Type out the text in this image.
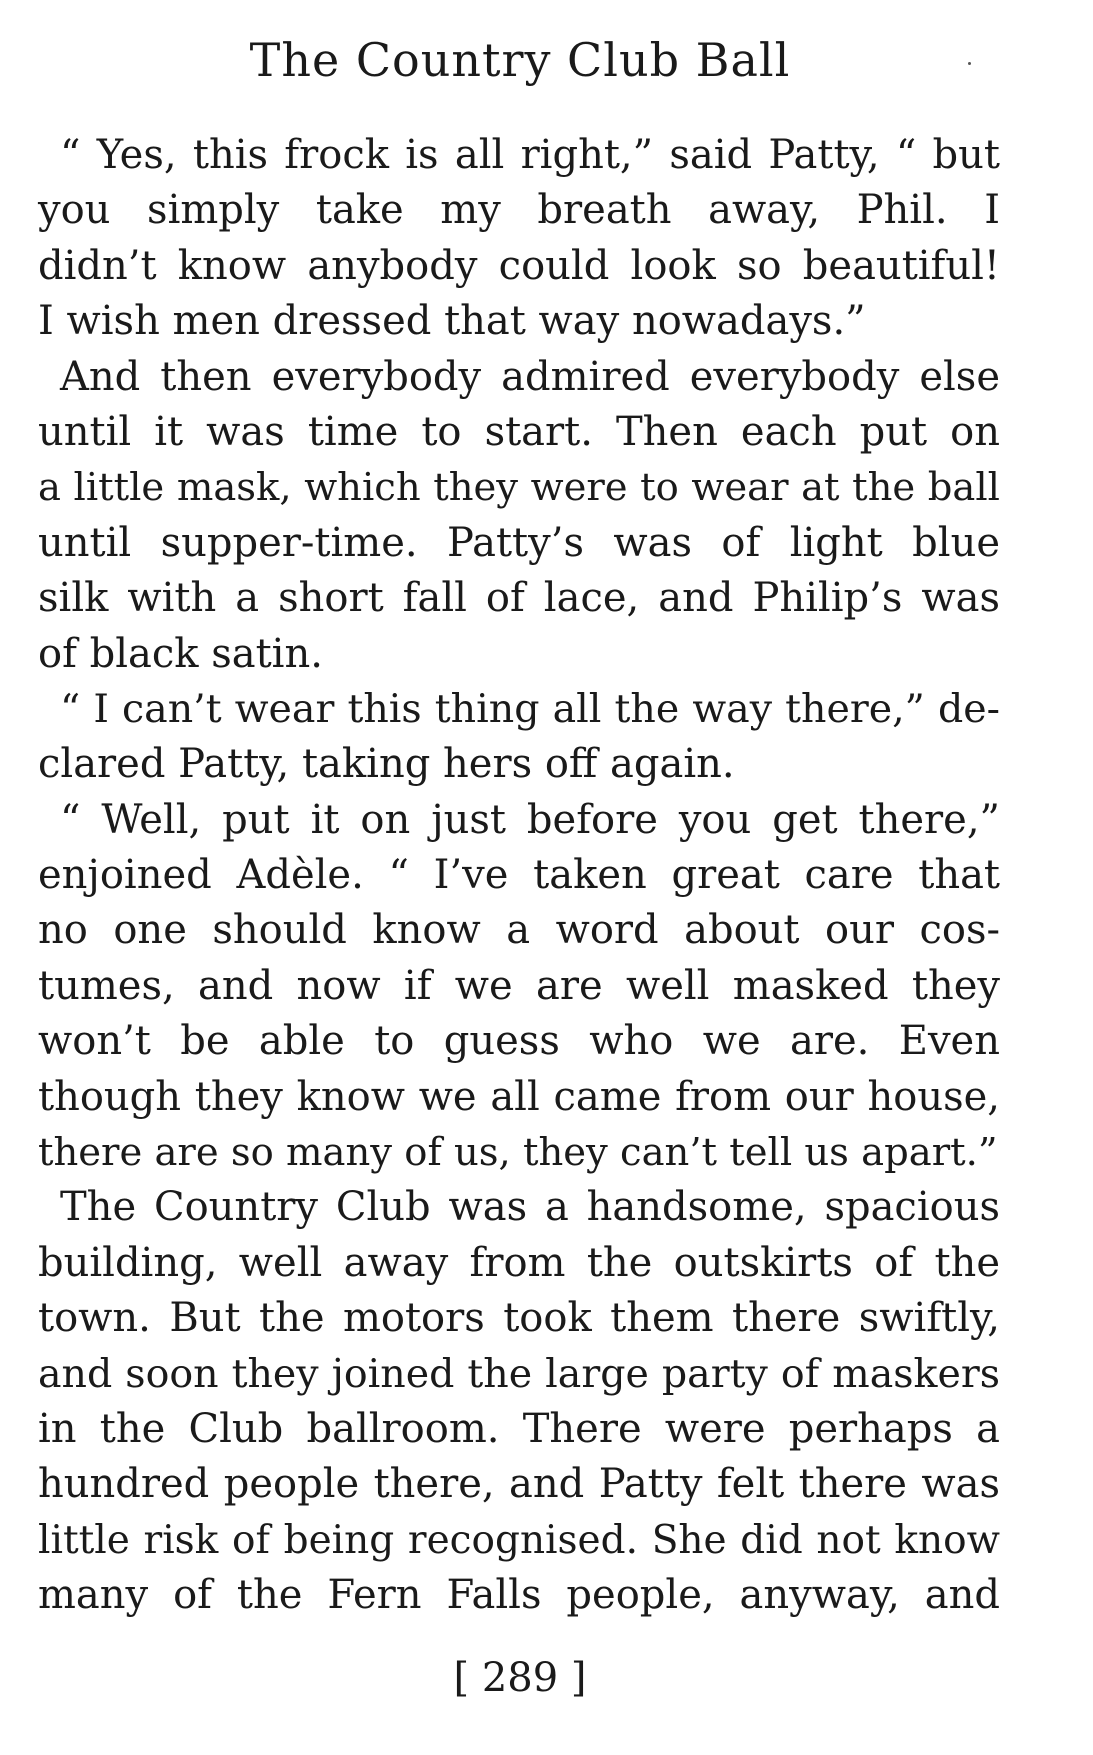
The Country Club Ball
“ Yes, this frock is all right,” said Patty, “ but
you simply take my breath away, Phil. I
didn’t know anybody could look so beautiful!
I wish men dressed that way nowadays.”
And then everybody admired everybody else
until it was time to start. Then each put on
a little mask, which they were to wear at the ball
until supper-time. Patty’s was of light blue
silk with a short fall of lace, and Philip’s was
of black satin.
“ I can’t wear this thing all the way there,” de-
clared Patty, taking hers off again.
“ Well, put it on just before you get there,”
enjoined Adèle. “ I’ve taken great care that
no one should know a word about our cos-
tumes, and now if we are well masked they
won’t be able to guess who we are. Even
though they know we all came from our house,
there are so many of us, they can’t tell us apart.”
The Country Club was a handsome, spacious
building, well away from the outskirts of the
town. But the motors took them there swiftly,
and soon they joined the large party of maskers
in the Club ballroom. There were perhaps a
hundred people there, and Patty felt there was
little risk of being recognised. She did not know
many of the Fern Falls people, anyway, and
[ 289 ]
